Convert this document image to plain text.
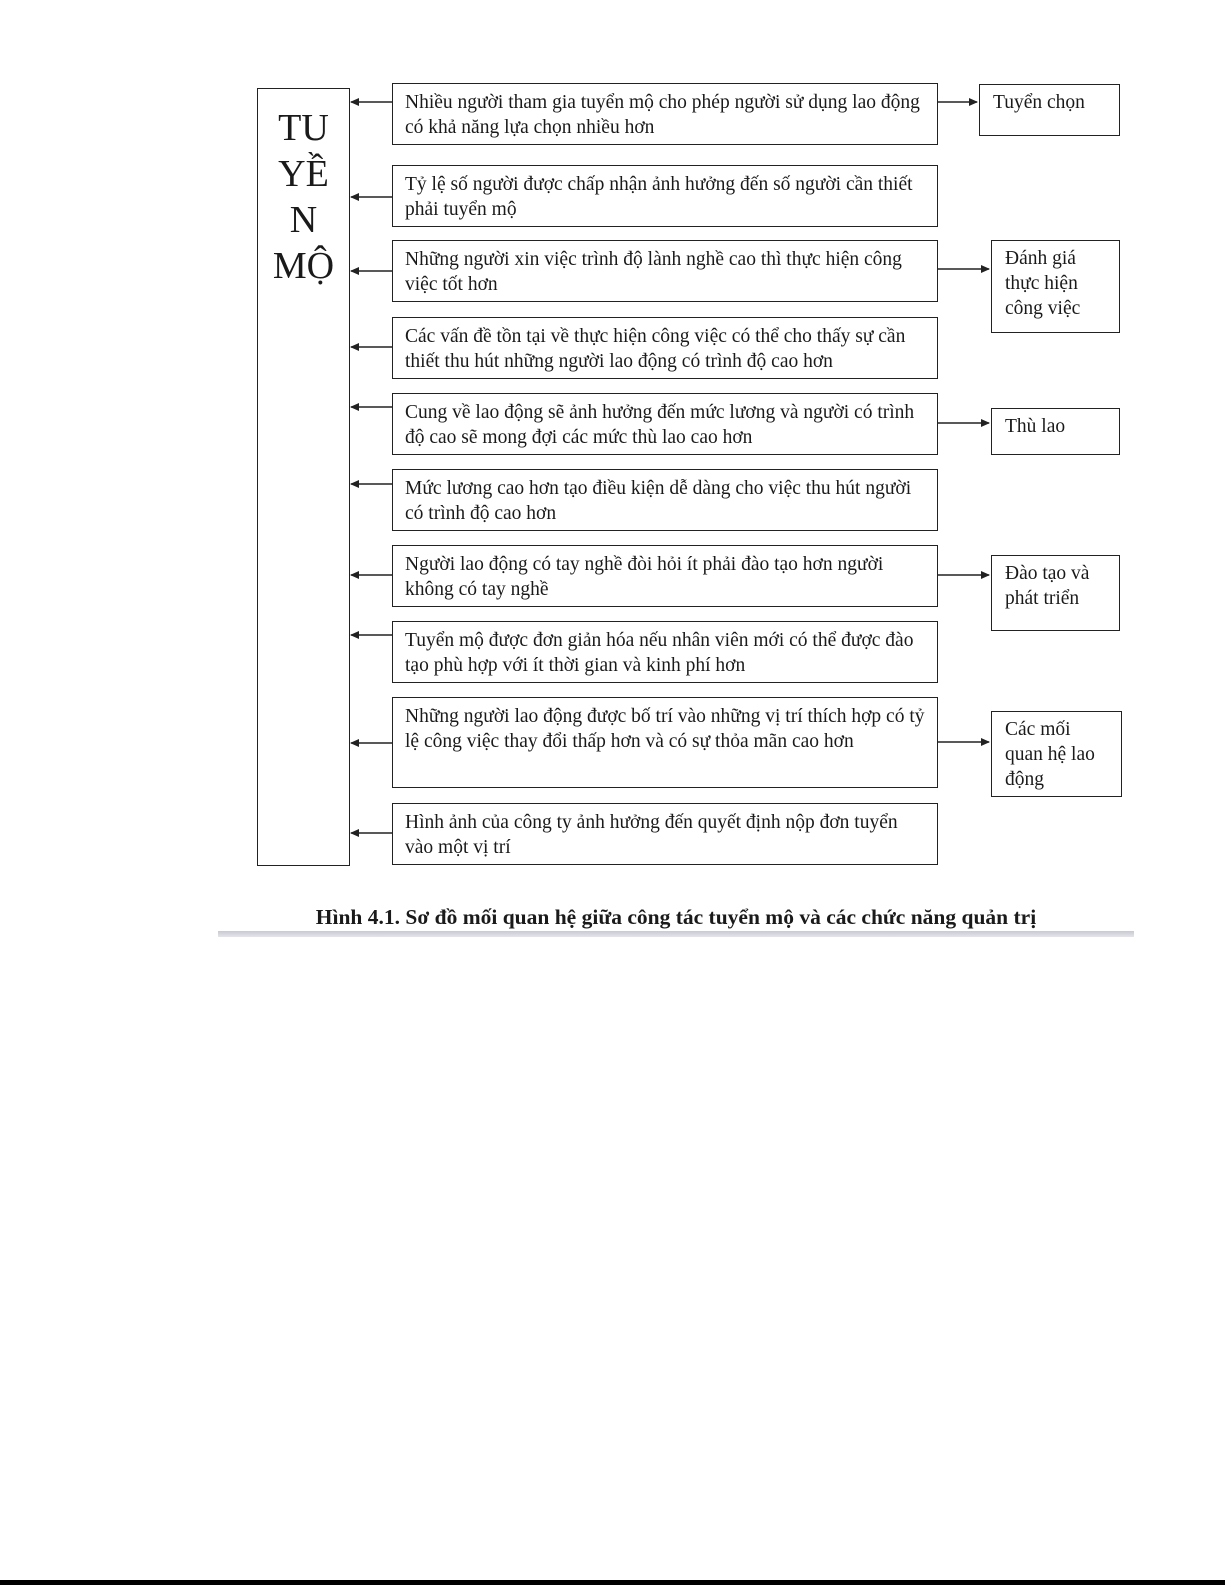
TU
YỀ
N
MỘ
Nhiều người tham gia tuyển mộ cho phép người sử dụng lao động có khả năng lựa chọn nhiều hơn
Tỷ lệ số người được chấp nhận ảnh hưởng đến số người cần thiết phải tuyển mộ
Những người xin việc trình độ lành nghề cao thì thực hiện công việc tốt hơn
Các vấn đề tồn tại về thực hiện công việc có thể cho thấy sự cần thiết thu hút những người lao động có trình độ cao hơn
Cung về lao động sẽ ảnh hưởng đến mức lương và người có trình độ cao sẽ mong đợi các mức thù lao cao hơn
Mức lương cao hơn tạo điều kiện dễ dàng cho việc thu hút người có trình độ cao hơn
Người lao động có tay nghề đòi hỏi ít phải đào tạo hơn người không có tay nghề
Tuyển mộ được đơn giản hóa nếu nhân viên mới có thể được đào tạo phù hợp với ít thời gian và kinh phí hơn
Những người lao động được bố trí vào những vị trí thích hợp có tỷ lệ công việc thay đổi thấp hơn và có sự thỏa mãn cao hơn
Hình ảnh của công ty ảnh hưởng đến quyết định nộp đơn tuyển vào một vị trí
Tuyển chọn
Đánh giá thực hiện công việc
Thù lao
Đào tạo và phát triển
Các mối quan hệ lao động
Hình 4.1. Sơ đồ mối quan hệ giữa công tác tuyển mộ và các chức năng quản trị
